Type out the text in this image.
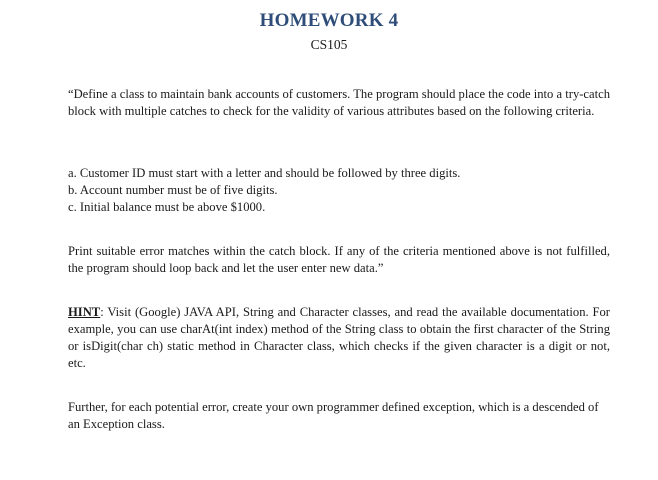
HOMEWORK 4
CS105

“Define a class to maintain bank accounts of customers. The program should place the code into a try-catch block with multiple catches to check for the validity of various attributes based on the following criteria.

a. Customer ID must start with a letter and should be followed by three digits.
b. Account number must be of five digits.
c. Initial balance must be above $1000.

Print suitable error matches within the catch block. If any of the criteria mentioned above is not fulfilled, the program should loop back and let the user enter new data.”

HINT: Visit (Google) JAVA API, String and Character classes, and read the available documentation. For example, you can use charAt(int index) method of the String class to obtain the first character of the String or isDigit(char ch) static method in Character class, which checks if the given character is a digit or not, etc.

Further, for each potential error, create your own programmer defined exception, which is a descended of an Exception class.
